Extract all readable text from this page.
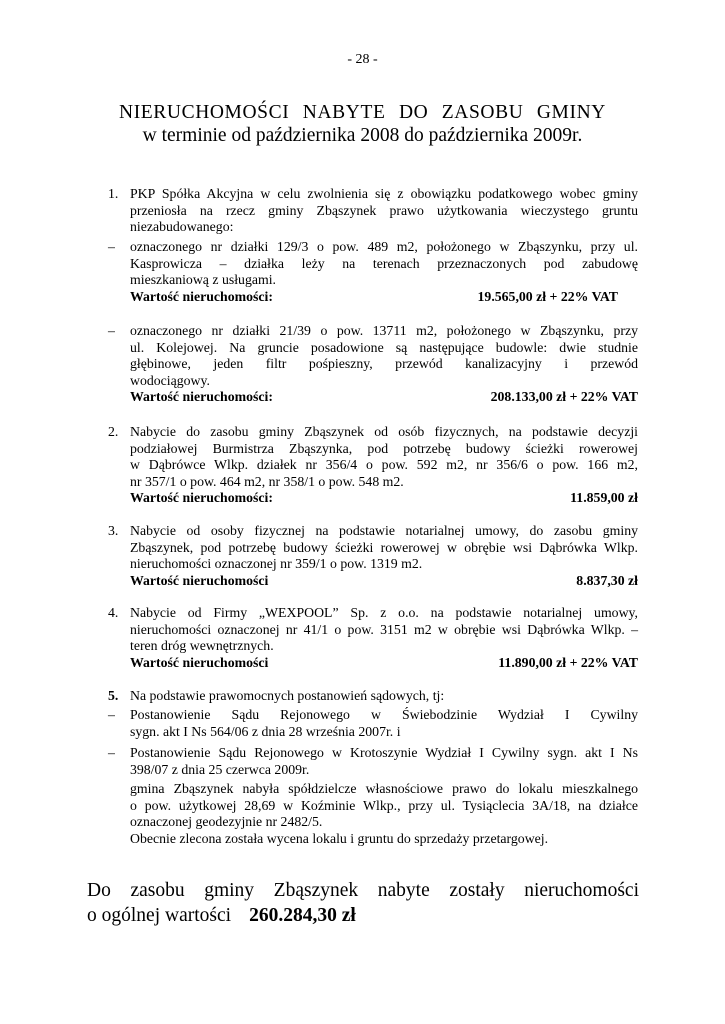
- 28 -
NIERUCHOMOŚCI NABYTE DO ZASOBU GMINY
w terminie od października 2008 do października 2009r.
1. PKP Spółka Akcyjna w celu zwolnienia się z obowiązku podatkowego wobec gminy
przeniosła na rzecz gminy Zbąszynek prawo użytkowania wieczystego gruntu
niezabudowanego:
–	oznaczonego nr działki 129/3 o pow. 489 m2, położonego w Zbąszynku, przy ul.
Kasprowicza – działka leży na terenach przeznaczonych pod zabudowę
mieszkaniową z usługami.
Wartość nieruchomości:	19.565,00 zł + 22% VAT
–	oznaczonego nr działki 21/39 o pow. 13711 m2, położonego w Zbąszynku, przy
ul. Kolejowej. Na gruncie posadowione są następujące budowle: dwie studnie
głębinowe, jeden filtr pośpieszny, przewód kanalizacyjny i przewód
wodociągowy.
Wartość nieruchomości:	208.133,00 zł + 22% VAT
2. Nabycie do zasobu gminy Zbąszynek od osób fizycznych, na podstawie decyzji
podziałowej Burmistrza Zbąszynka, pod potrzebę budowy ścieżki rowerowej
w Dąbrówce Wlkp. działek nr 356/4 o pow. 592 m2, nr 356/6 o pow. 166 m2,
nr 357/1 o pow. 464 m2, nr 358/1 o pow. 548 m2.
Wartość nieruchomości:	11.859,00 zł
3. Nabycie od osoby fizycznej na podstawie notarialnej umowy, do zasobu gminy
Zbąszynek, pod potrzebę budowy ścieżki rowerowej w obrębie wsi Dąbrówka Wlkp.
nieruchomości oznaczonej nr 359/1 o pow. 1319 m2.
Wartość nieruchomości	8.837,30 zł
4. Nabycie od Firmy „WEXPOOL” Sp. z o.o. na podstawie notarialnej umowy,
nieruchomości oznaczonej nr 41/1 o pow. 3151 m2 w obrębie wsi Dąbrówka Wlkp. –
teren dróg wewnętrznych.
Wartość nieruchomości	11.890,00 zł + 22% VAT
5. Na podstawie prawomocnych postanowień sądowych, tj:
–	Postanowienie Sądu Rejonowego w Świebodzinie Wydział I Cywilny
sygn. akt I Ns 564/06 z dnia 28 września 2007r. i
–	Postanowienie Sądu Rejonowego w Krotoszynie Wydział I Cywilny sygn. akt I Ns
398/07 z dnia 25 czerwca 2009r.
gmina Zbąszynek nabyła spółdzielcze własnościowe prawo do lokalu mieszkalnego
o pow. użytkowej 28,69 w Koźminie Wlkp., przy ul. Tysiąclecia 3A/18, na działce
oznaczonej geodezyjnie nr 2482/5.
Obecnie zlecona została wycena lokalu i gruntu do sprzedaży przetargowej.
Do zasobu gminy Zbąszynek nabyte zostały nieruchomości
o ogólnej wartości 260.284,30 zł
